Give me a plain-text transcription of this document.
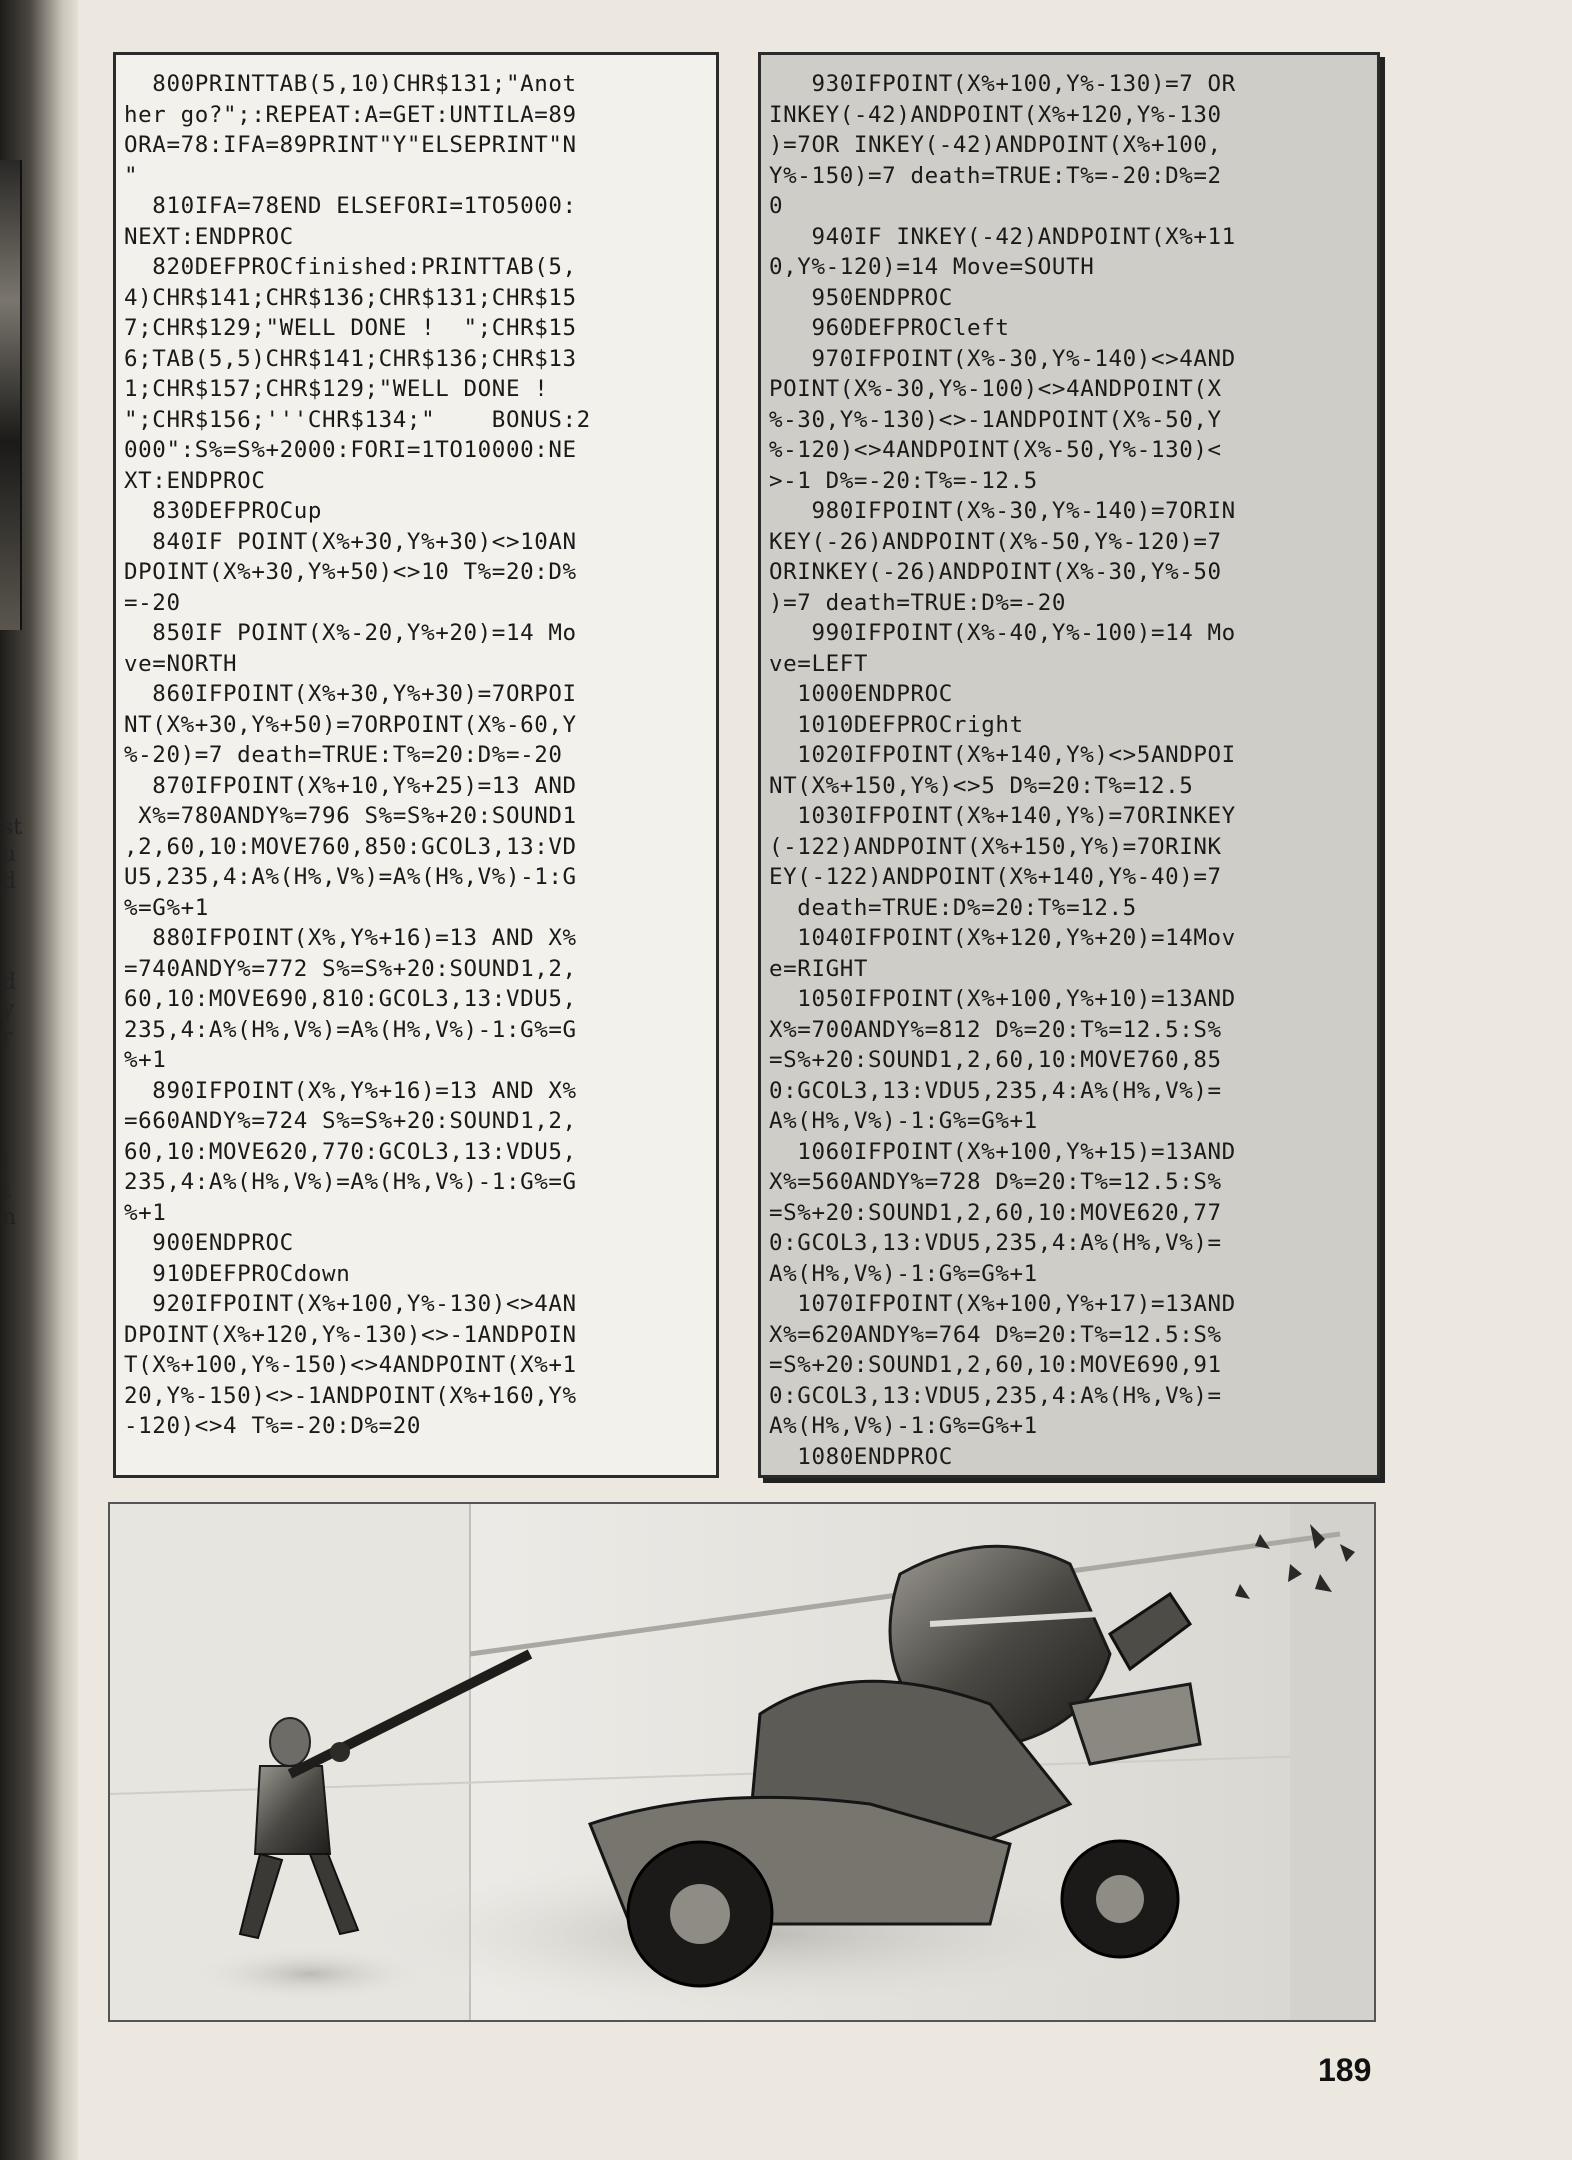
st
u
d
d
y
r
l
t
n
800PRINTTAB(5,10)CHR$131;"Anot
her go?";:REPEAT:A=GET:UNTILA=89
ORA=78:IFA=89PRINT"Y"ELSEPRINT"N
"
810IFA=78END ELSEFORI=1TO5000:
NEXT:ENDPROC
820DEFPROCfinished:PRINTTAB(5,
4)CHR$141;CHR$136;CHR$131;CHR$15
7;CHR$129;"WELL DONE !  ";CHR$15
6;TAB(5,5)CHR$141;CHR$136;CHR$13
1;CHR$157;CHR$129;"WELL DONE !
";CHR$156;'''CHR$134;"    BONUS:2
000":S%=S%+2000:FORI=1TO10000:NE
XT:ENDPROC
830DEFPROCup
840IF POINT(X%+30,Y%+30)<>10AN
DPOINT(X%+30,Y%+50)<>10 T%=20:D%
=-20
850IF POINT(X%-20,Y%+20)=14 Mo
ve=NORTH
860IFPOINT(X%+30,Y%+30)=7ORPOI
NT(X%+30,Y%+50)=7ORPOINT(X%-60,Y
%-20)=7 death=TRUE:T%=20:D%=-20
870IFPOINT(X%+10,Y%+25)=13 AND
X%=780ANDY%=796 S%=S%+20:SOUND1
,2,60,10:MOVE760,850:GCOL3,13:VD
U5,235,4:A%(H%,V%)=A%(H%,V%)-1:G
%=G%+1
880IFPOINT(X%,Y%+16)=13 AND X%
=740ANDY%=772 S%=S%+20:SOUND1,2,
60,10:MOVE690,810:GCOL3,13:VDU5,
235,4:A%(H%,V%)=A%(H%,V%)-1:G%=G
%+1
890IFPOINT(X%,Y%+16)=13 AND X%
=660ANDY%=724 S%=S%+20:SOUND1,2,
60,10:MOVE620,770:GCOL3,13:VDU5,
235,4:A%(H%,V%)=A%(H%,V%)-1:G%=G
%+1
900ENDPROC
910DEFPROCdown
920IFPOINT(X%+100,Y%-130)<>4AN
DPOINT(X%+120,Y%-130)<>-1ANDPOIN
T(X%+100,Y%-150)<>4ANDPOINT(X%+1
20,Y%-150)<>-1ANDPOINT(X%+160,Y%
-120)<>4 T%=-20:D%=20
930IFPOINT(X%+100,Y%-130)=7 OR
INKEY(-42)ANDPOINT(X%+120,Y%-130
)=7OR INKEY(-42)ANDPOINT(X%+100,
Y%-150)=7 death=TRUE:T%=-20:D%=2
0
940IF INKEY(-42)ANDPOINT(X%+11
0,Y%-120)=14 Move=SOUTH
950ENDPROC
960DEFPROCleft
970IFPOINT(X%-30,Y%-140)<>4AND
POINT(X%-30,Y%-100)<>4ANDPOINT(X
%-30,Y%-130)<>-1ANDPOINT(X%-50,Y
%-120)<>4ANDPOINT(X%-50,Y%-130)<
>-1 D%=-20:T%=-12.5
980IFPOINT(X%-30,Y%-140)=7ORIN
KEY(-26)ANDPOINT(X%-50,Y%-120)=7
ORINKEY(-26)ANDPOINT(X%-30,Y%-50
)=7 death=TRUE:D%=-20
990IFPOINT(X%-40,Y%-100)=14 Mo
ve=LEFT
1000ENDPROC
1010DEFPROCright
1020IFPOINT(X%+140,Y%)<>5ANDPOI
NT(X%+150,Y%)<>5 D%=20:T%=12.5
1030IFPOINT(X%+140,Y%)=7ORINKEY
(-122)ANDPOINT(X%+150,Y%)=7ORINK
EY(-122)ANDPOINT(X%+140,Y%-40)=7
death=TRUE:D%=20:T%=12.5
1040IFPOINT(X%+120,Y%+20)=14Mov
e=RIGHT
1050IFPOINT(X%+100,Y%+10)=13AND
X%=700ANDY%=812 D%=20:T%=12.5:S%
=S%+20:SOUND1,2,60,10:MOVE760,85
0:GCOL3,13:VDU5,235,4:A%(H%,V%)=
A%(H%,V%)-1:G%=G%+1
1060IFPOINT(X%+100,Y%+15)=13AND
X%=560ANDY%=728 D%=20:T%=12.5:S%
=S%+20:SOUND1,2,60,10:MOVE620,77
0:GCOL3,13:VDU5,235,4:A%(H%,V%)=
A%(H%,V%)-1:G%=G%+1
1070IFPOINT(X%+100,Y%+17)=13AND
X%=620ANDY%=764 D%=20:T%=12.5:S%
=S%+20:SOUND1,2,60,10:MOVE690,91
0:GCOL3,13:VDU5,235,4:A%(H%,V%)=
A%(H%,V%)-1:G%=G%+1
1080ENDPROC
189
